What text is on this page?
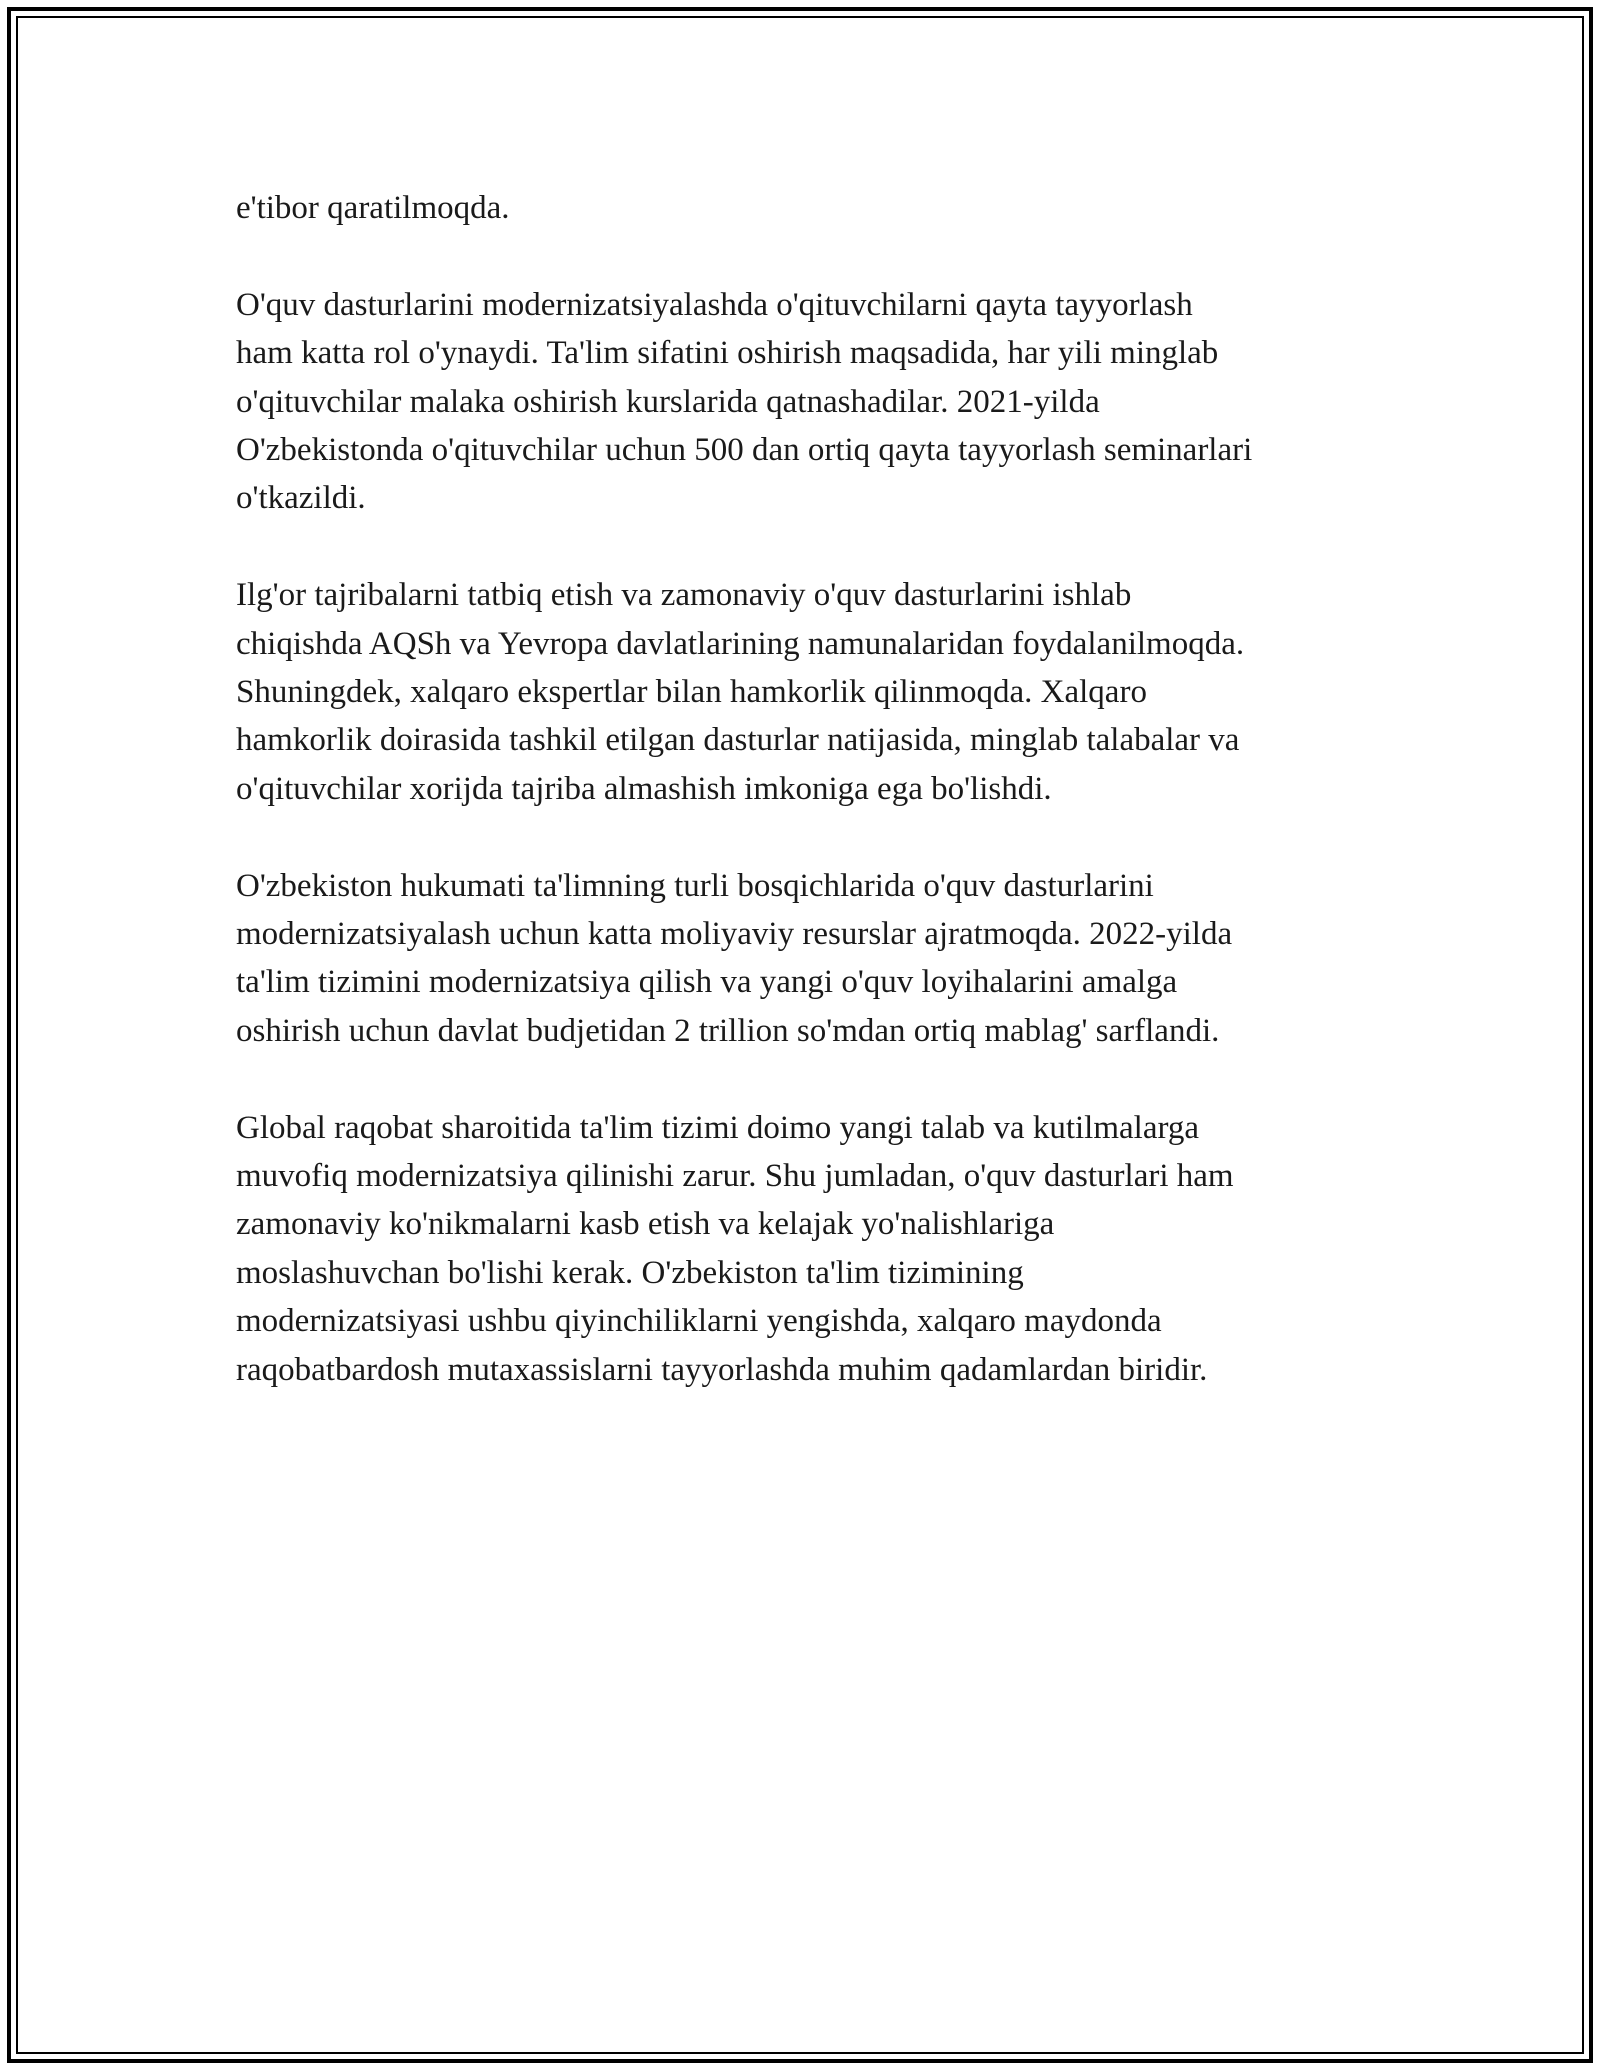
e'tibor qaratilmoqda.

O'quv dasturlarini modernizatsiyalashda o'qituvchilarni qayta tayyorlash
ham katta rol o'ynaydi. Ta'lim sifatini oshirish maqsadida, har yili minglab
o'qituvchilar malaka oshirish kurslarida qatnashadilar. 2021-yilda
O'zbekistonda o'qituvchilar uchun 500 dan ortiq qayta tayyorlash seminarlari
o'tkazildi.

Ilg'or tajribalarni tatbiq etish va zamonaviy o'quv dasturlarini ishlab
chiqishda AQSh va Yevropa davlatlarining namunalaridan foydalanilmoqda.
Shuningdek, xalqaro ekspertlar bilan hamkorlik qilinmoqda. Xalqaro
hamkorlik doirasida tashkil etilgan dasturlar natijasida, minglab talabalar va
o'qituvchilar xorijda tajriba almashish imkoniga ega bo'lishdi.

O'zbekiston hukumati ta'limning turli bosqichlarida o'quv dasturlarini
modernizatsiyalash uchun katta moliyaviy resurslar ajratmoqda. 2022-yilda
ta'lim tizimini modernizatsiya qilish va yangi o'quv loyihalarini amalga
oshirish uchun davlat budjetidan 2 trillion so'mdan ortiq mablag' sarflandi.

Global raqobat sharoitida ta'lim tizimi doimo yangi talab va kutilmalarga
muvofiq modernizatsiya qilinishi zarur. Shu jumladan, o'quv dasturlari ham
zamonaviy ko'nikmalarni kasb etish va kelajak yo'nalishlariga
moslashuvchan bo'lishi kerak. O'zbekiston ta'lim tizimining
modernizatsiyasi ushbu qiyinchiliklarni yengishda, xalqaro maydonda
raqobatbardosh mutaxassislarni tayyorlashda muhim qadamlardan biridir.
